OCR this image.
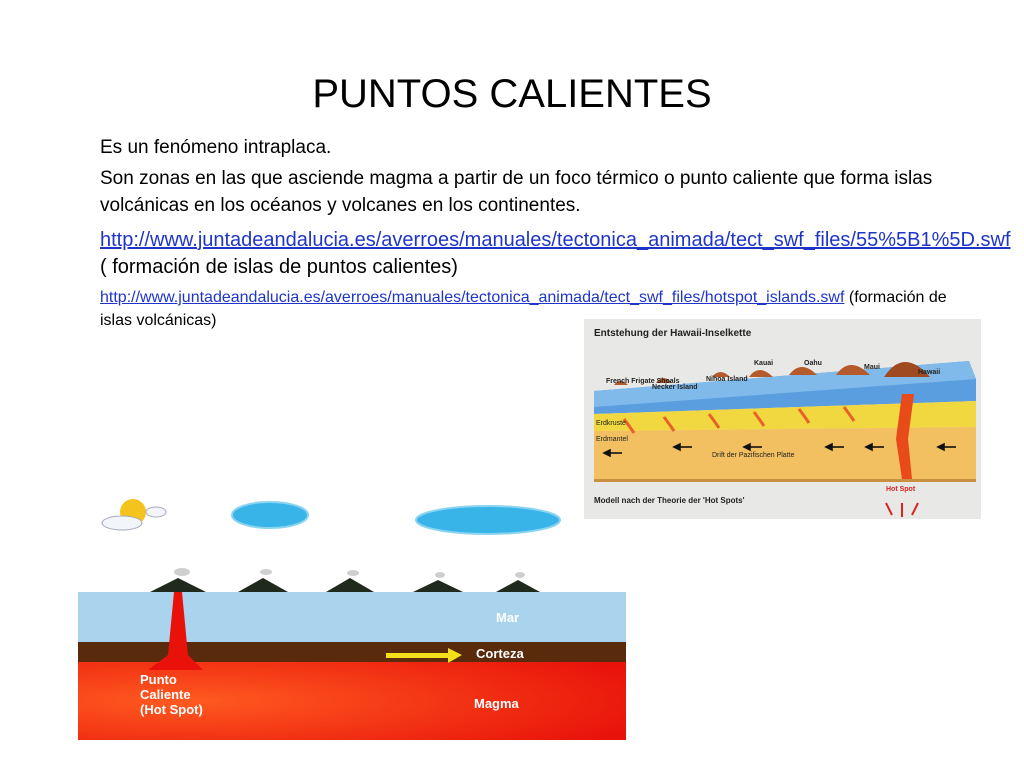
PUNTOS CALIENTES
Es un fenómeno intraplaca.
Son zonas en las que asciende magma a partir de un foco térmico o punto caliente que forma islas volcánicas en los océanos y volcanes en los continentes.
http://www.juntadeandalucia.es/averroes/manuales/tectonica_animada/tect_swf_files/55%5B1%5D.swf ( formación de islas de puntos calientes)
http://www.juntadeandalucia.es/averroes/manuales/tectonica_animada/tect_swf_files/hotspot_islands.swf (formación de islas volcánicas)
Entstehung der Hawaii-Inselkette
French Frigate Shoals
Necker Island
Nihoa Island
Kauai	Oahu
Maui
Hawaii
Erdkruste
Erdmantel
Drift der Pazifischen Platte
Modell nach der Theorie der 'Hot Spots'
Hot Spot
Mar
Corteza
Magma
Punto Caliente (Hot Spot)
